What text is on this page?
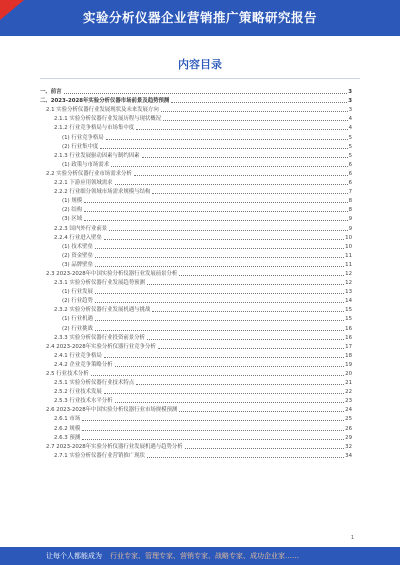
实验分析仪器企业营销推广策略研究报告
内容目录
一、前言	3
二、2023-2028年实验分析仪器市场前景及趋势预测	3
2.1 实验分析仪器行业发展现状及未来发展方向	3
2.1.1 实验分析仪器行业发展历程与现状概况	4
2.1.2 行业竞争格局与市场集中度	4
(1) 行业竞争格局	5
(2) 行业集中度	5
2.1.3 行业发展驱动因素与制约因素	5
(1) 政策与市场需求	6
2.2 实验分析仪器行业市场需求分析	6
2.2.1 下游应用领域需求	6
2.2.2 行业细分领域市场需求规模与结构	7
(1) 规模	8
(2) 结构	8
(3) 区域	9
2.2.3 国内外行业前景	9
2.2.4 行业进入壁垒	10
(1) 技术壁垒	10
(2) 资金壁垒	11
(3) 品牌壁垒	11
2.3 2023-2028年中国实验分析仪器行业发展前景分析	12
2.3.1 实验分析仪器行业发展趋势预测	12
(1) 行业发展	13
(2) 行业趋势	14
2.3.2 实验分析仪器行业发展机遇与挑战	15
(1) 行业机遇	15
(2) 行业挑战	16
2.3.3 实验分析仪器行业投资前景分析	16
2.4 2023-2028年实验分析仪器行业竞争分析	17
2.4.1 行业竞争格局	18
2.4.2 企业竞争策略分析	19
2.5 行业技术分析	20
2.5.1 实验分析仪器行业技术特点	21
2.5.2 行业技术发展	22
2.5.3 行业技术水平分析	23
2.6 2023-2028年中国实验分析仪器行业市场规模预测	24
2.6.1 市场	25
2.6.2 规模	26
2.6.3 预测	29
2.7 2023-2028年实验分析仪器行业发展机遇与趋势分析	32
2.7.1 实验分析仪器行业营销推广现状	34
1
让每个人都能成为 行业专家、管理专家、营销专家、战略专家、成功企业家……
